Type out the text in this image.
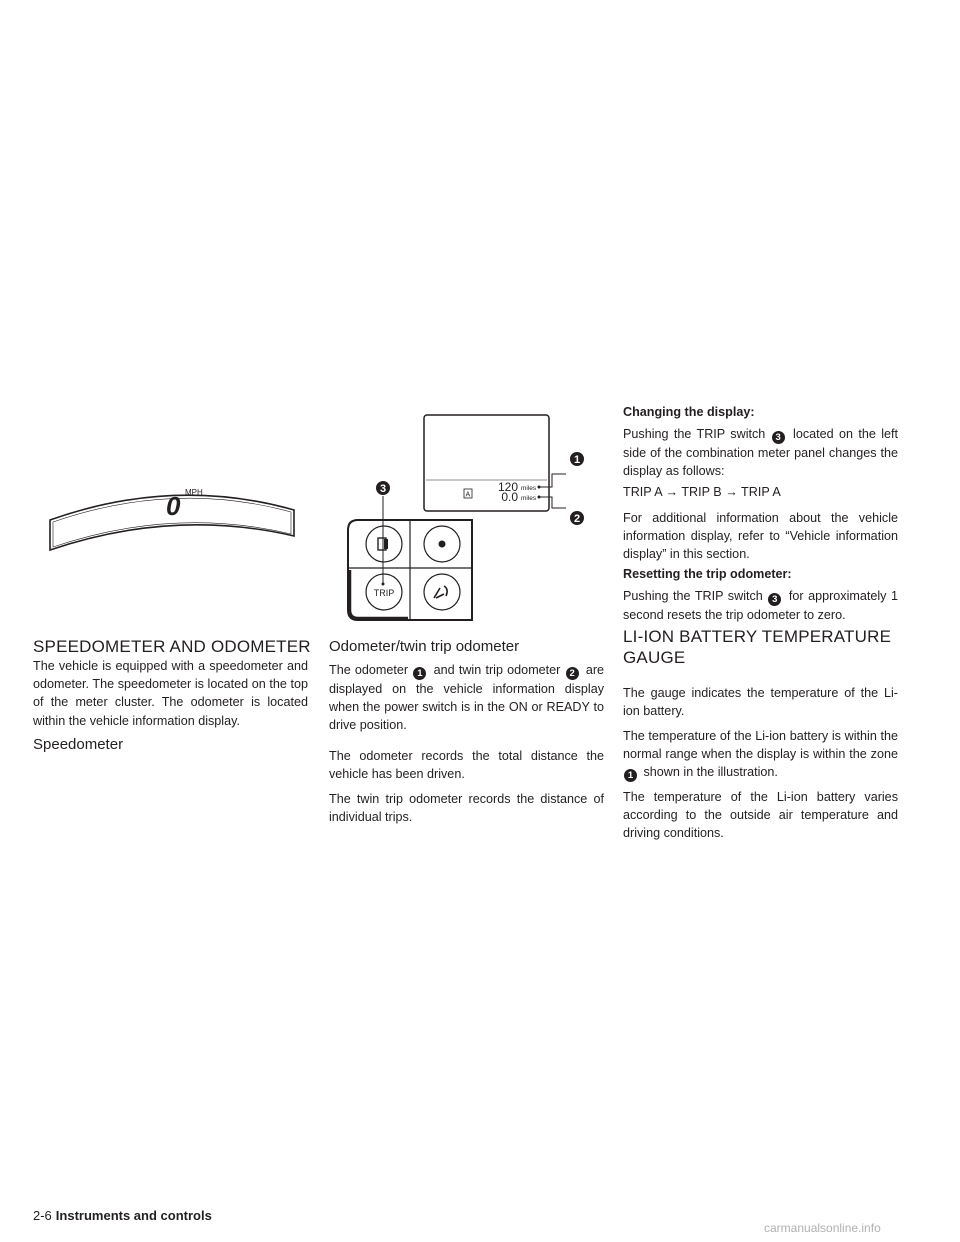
0 MPH	A
120 miles
0.0 miles
1
2
3
TRIP
SPEEDOMETER AND ODOMETER

The vehicle is equipped with a speedometer and odometer. The speedometer is located on the top of the meter cluster. The odometer is located within the vehicle information display.

Speedometer
Odometer/twin trip odometer

The odometer 1 and twin trip odometer 2 are displayed on the vehicle information display when the power switch is in the ON or READY to drive position.

The odometer records the total distance the vehicle has been driven.

The twin trip odometer records the distance of individual trips.

Changing the display:

Pushing the TRIP switch 3 located on the left side of the combination meter panel changes the display as follows:

TRIP A → TRIP B → TRIP A

For additional information about the vehicle information display, refer to “Vehicle information display” in this section.

Resetting the trip odometer:

Pushing the TRIP switch 3 for approximately 1 second resets the trip odometer to zero.

LI-ION BATTERY TEMPERATURE
GAUGE

The gauge indicates the temperature of the Li-ion battery.

The temperature of the Li-ion battery is within the normal range when the display is within the zone 1 shown in the illustration.

The temperature of the Li-ion battery varies according to the outside air temperature and driving conditions.

2-6 Instruments and controls
carmanualsonline.info
